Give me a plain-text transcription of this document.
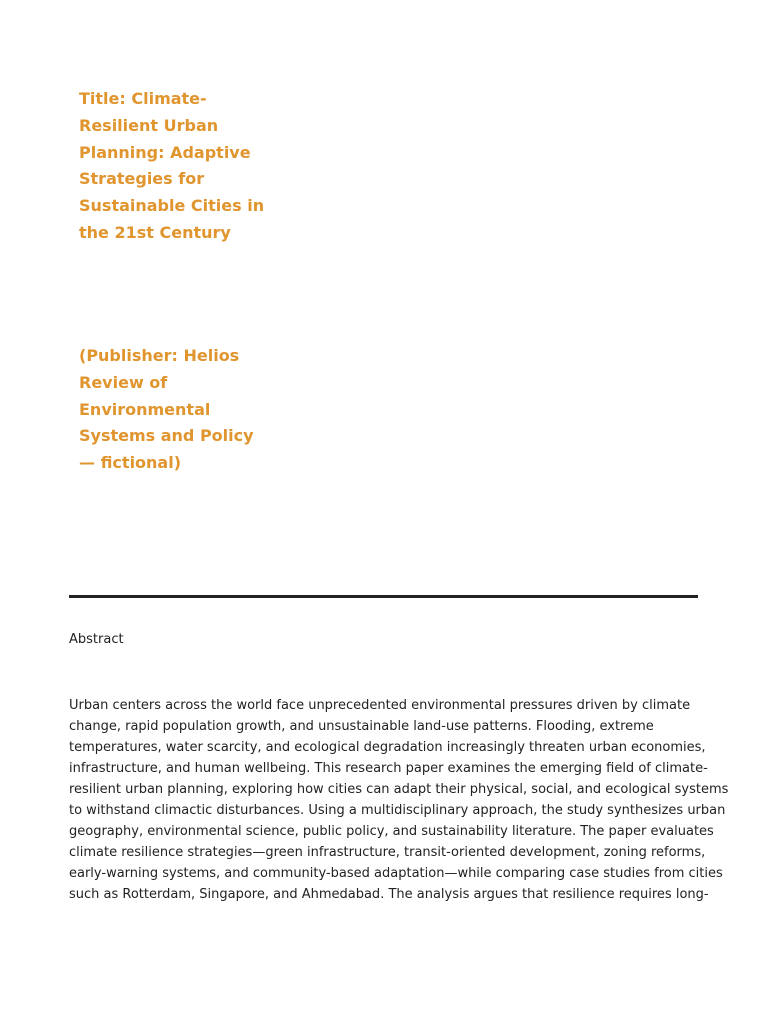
Title: Climate-Resilient Urban Planning: Adaptive Strategies for Sustainable Cities in the 21st Century
(Publisher: Helios Review of Environmental Systems and Policy — fictional)
Abstract
Urban centers across the world face unprecedented environmental pressures driven by climate
change, rapid population growth, and unsustainable land-use patterns. Flooding, extreme
temperatures, water scarcity, and ecological degradation increasingly threaten urban economies,
infrastructure, and human wellbeing. This research paper examines the emerging field of climate-
resilient urban planning, exploring how cities can adapt their physical, social, and ecological systems
to withstand climactic disturbances. Using a multidisciplinary approach, the study synthesizes urban
geography, environmental science, public policy, and sustainability literature. The paper evaluates
climate resilience strategies—green infrastructure, transit-oriented development, zoning reforms,
early-warning systems, and community-based adaptation—while comparing case studies from cities
such as Rotterdam, Singapore, and Ahmedabad. The analysis argues that resilience requires long-
